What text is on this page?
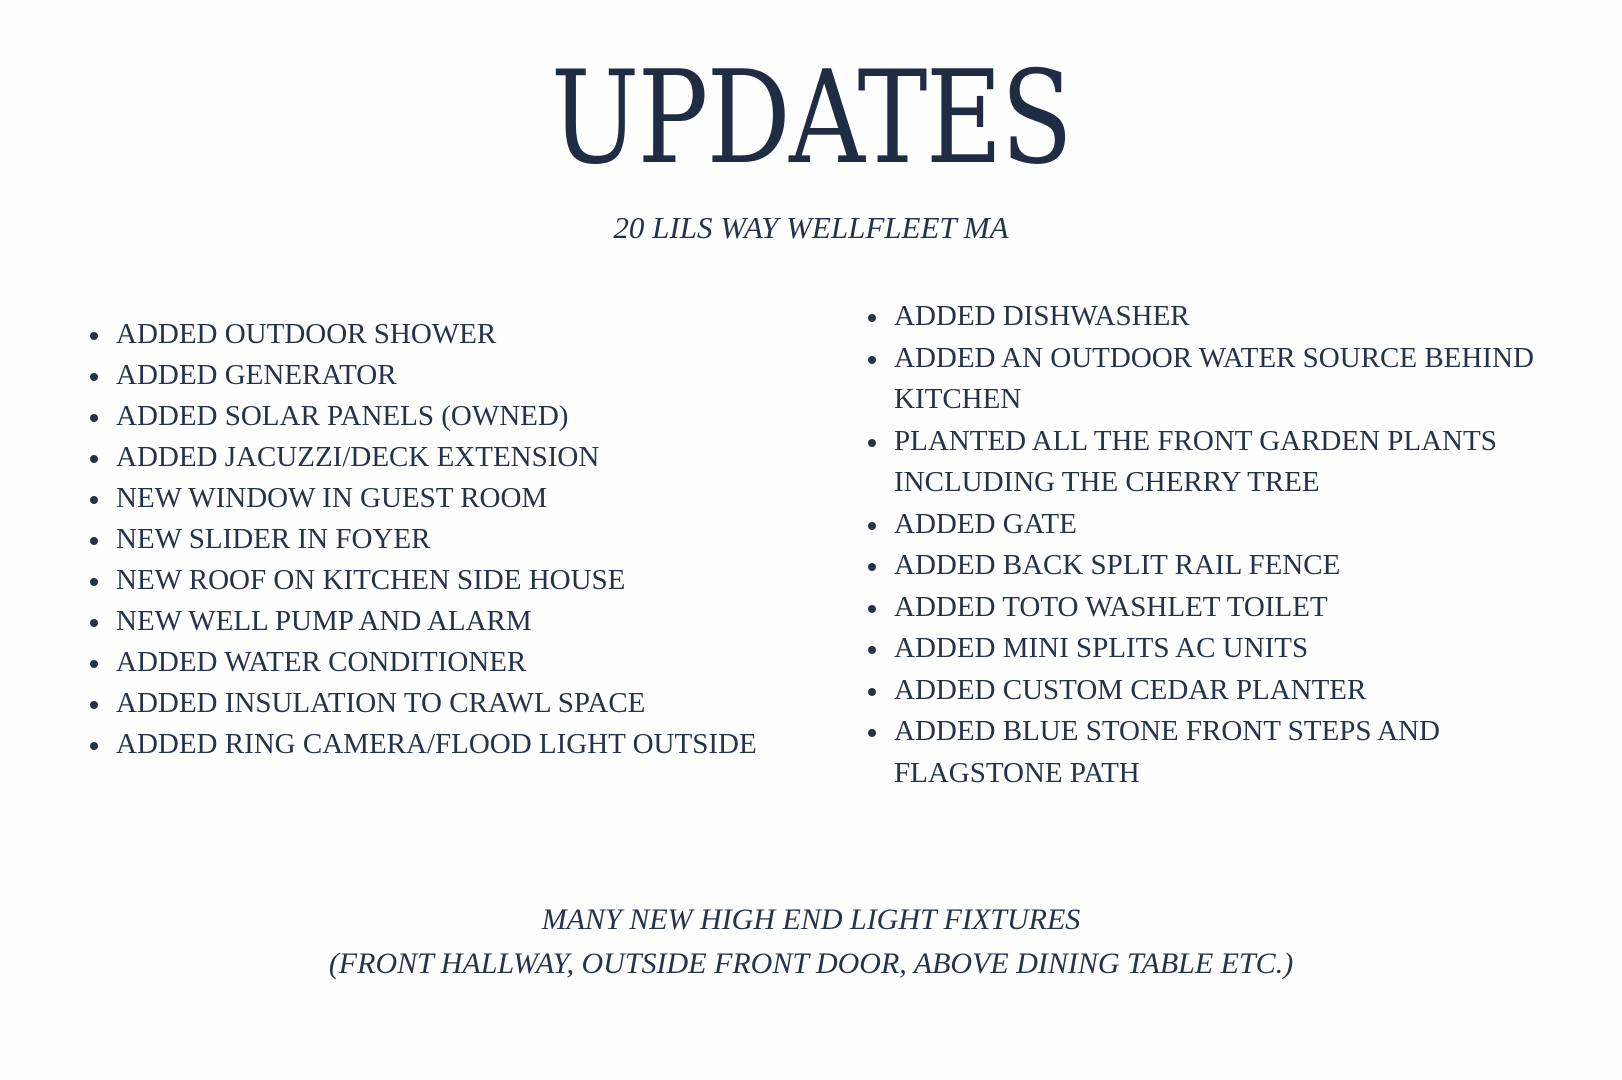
UPDATES
20 LILS WAY WELLFLEET MA
ADDED OUTDOOR SHOWER
ADDED GENERATOR
ADDED SOLAR PANELS (OWNED)
ADDED JACUZZI/DECK EXTENSION
NEW WINDOW IN GUEST ROOM
NEW SLIDER IN FOYER
NEW ROOF ON KITCHEN SIDE HOUSE
NEW WELL PUMP AND ALARM
ADDED WATER CONDITIONER
ADDED INSULATION TO CRAWL SPACE
ADDED RING CAMERA/FLOOD LIGHT OUTSIDE
ADDED DISHWASHER
ADDED AN OUTDOOR WATER SOURCE BEHIND KITCHEN
PLANTED ALL THE FRONT GARDEN PLANTS INCLUDING THE CHERRY TREE
ADDED GATE
ADDED BACK SPLIT RAIL FENCE
ADDED TOTO WASHLET TOILET
ADDED MINI SPLITS AC UNITS
ADDED CUSTOM CEDAR PLANTER
ADDED BLUE STONE FRONT STEPS AND FLAGSTONE PATH
MANY NEW HIGH END LIGHT FIXTURES
(FRONT HALLWAY, OUTSIDE FRONT DOOR, ABOVE DINING TABLE ETC.)
